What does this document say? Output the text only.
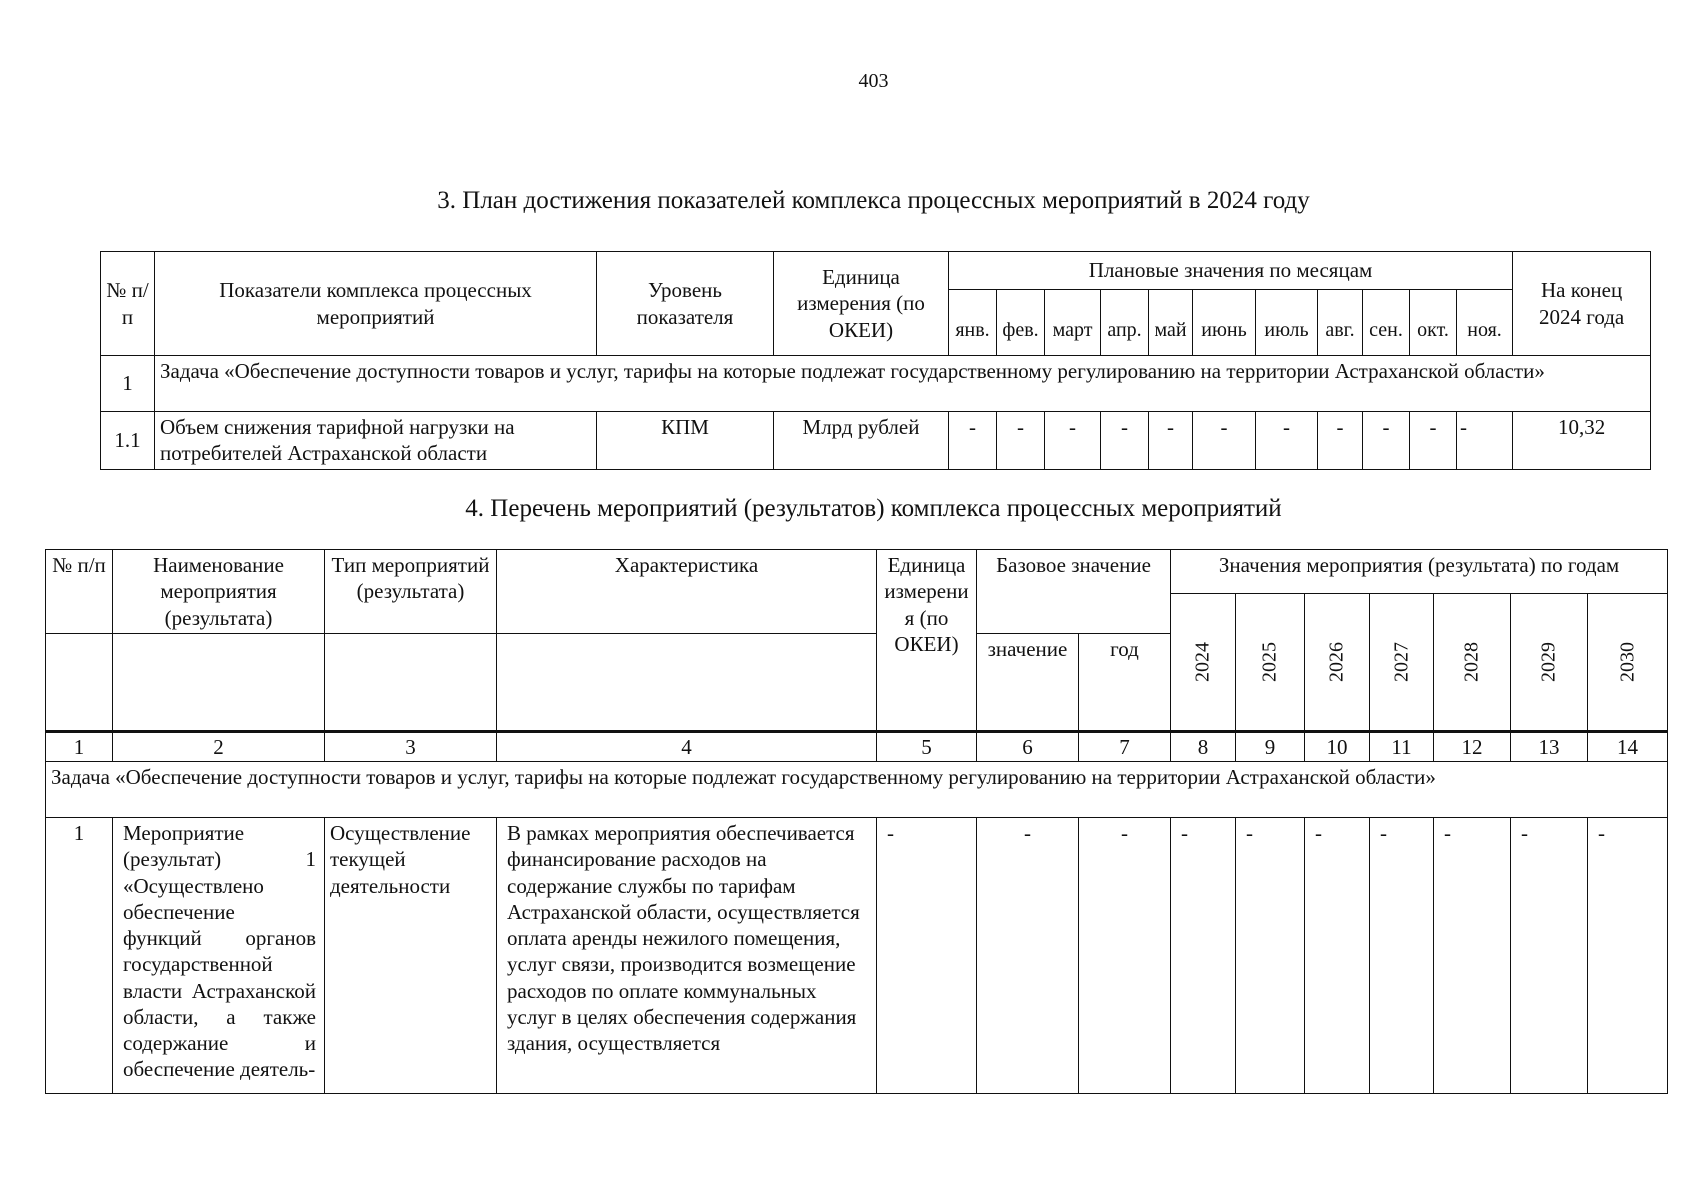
403
3. План достижения показателей комплекса процессных мероприятий в 2024 году
№ п/п	Показатели комплекса процессных мероприятий	Уровень показателя	Единица измерения (по ОКЕИ)	Плановые значения по месяцам											На конец 2024 года
				янв.	фев.	март	апр.	май	июнь	июль	авг.	сен.	окт.	ноя.	
1	Задача «Обеспечение доступности товаров и услуг, тарифы на которые подлежат государственному регулированию на территории Астраханской области»														
1.1	Объем снижения тарифной нагрузки на потребителей Астраханской области	КПМ	Млрд рублей	-	-	-	-	-	-	-	-	-	-	-	10,32
4. Перечень мероприятий (результатов) комплекса процессных мероприятий
№ п/п	Наименование мероприятия (результата)	Тип мероприятий (результата)	Характеристика	Единица измерения (по ОКЕИ)	Базовое значение		Значения мероприятия (результата) по годам						

							2024	2025	2026	2027	2028	2029	2030

					значение	год							
1	2	3	4	5	6	7	8	9	10	11	12	13	14
Задача «Обеспечение доступности товаров и услуг, тарифы на которые подлежат государственному регулированию на территории Астраханской области»													
1	Мероприятие (результат) 1 «Осуществлено обеспечение функций органов государственной власти Астраханской области, а также содержание и обеспечение деятель-	Осуществление текущей деятельности	В рамках мероприятия обеспечивается финансирование расходов на содержание службы по тарифам Астраханской области, осуществляется оплата аренды нежилого помещения, услуг связи, производится возмещение расходов по оплате коммунальных услуг в целях обеспечения содержания здания, осуществляется	-	-	-	-	-	-	-	-	-	-
